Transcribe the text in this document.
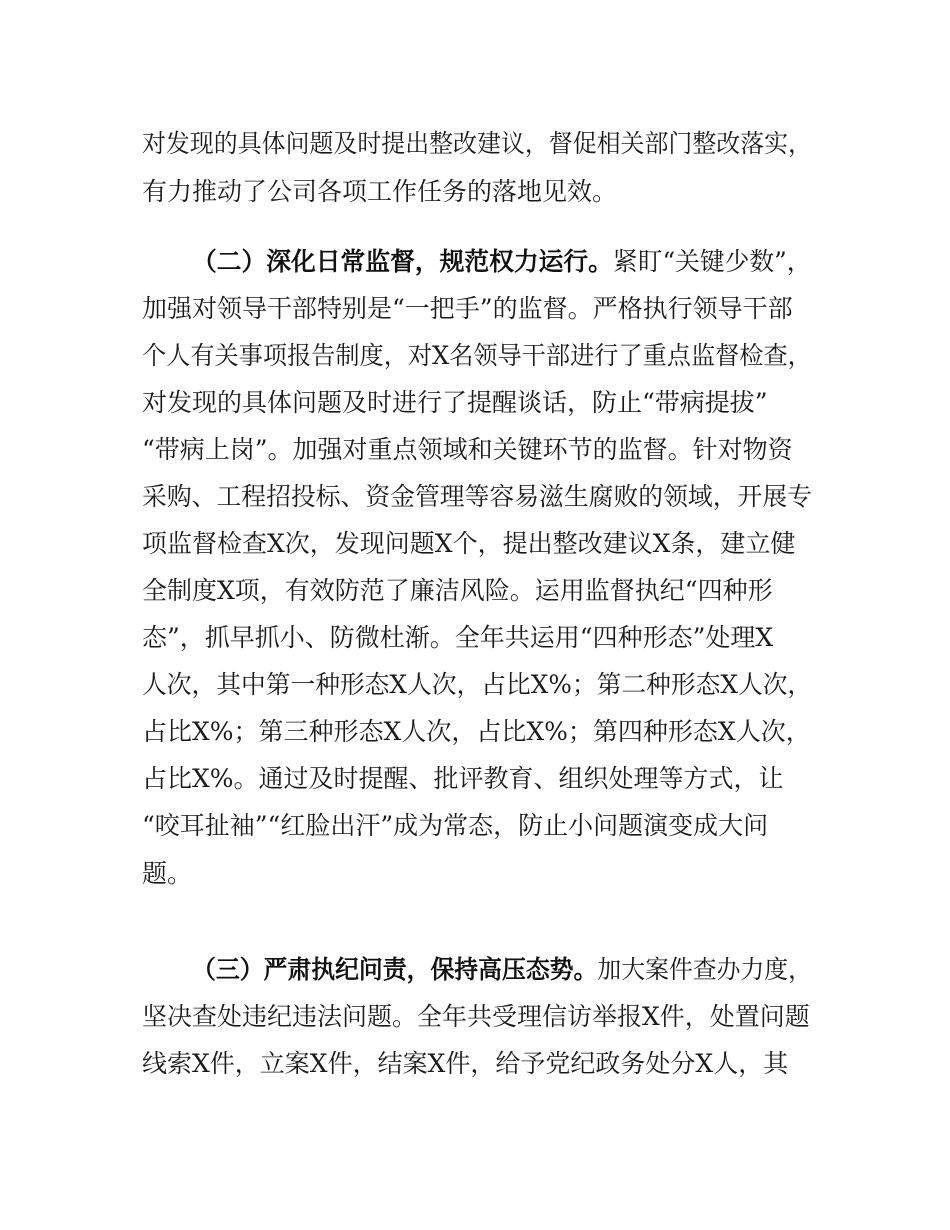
对发现的具体问题及时提出整改建议，督促相关部门整改落实，
有力推动了公司各项工作任务的落地见效。
（二）深化日常监督，规范权力运行。紧盯“关键少数”，
加强对领导干部特别是“一把手”的监督。严格执行领导干部
个人有关事项报告制度，对X名领导干部进行了重点监督检查，
对发现的具体问题及时进行了提醒谈话，防止“带病提拔”
“带病上岗”。加强对重点领域和关键环节的监督。针对物资
采购、工程招投标、资金管理等容易滋生腐败的领域，开展专
项监督检查X次，发现问题X个，提出整改建议X条，建立健
全制度X项，有效防范了廉洁风险。运用监督执纪“四种形
态”，抓早抓小、防微杜渐。全年共运用“四种形态”处理X
人次，其中第一种形态X人次，占比X%；第二种形态X人次，
占比X%；第三种形态X人次，占比X%；第四种形态X人次，
占比X%。通过及时提醒、批评教育、组织处理等方式，让
“咬耳扯袖”“红脸出汗”成为常态，防止小问题演变成大问
题。
（三）严肃执纪问责，保持高压态势。加大案件查办力度，
坚决查处违纪违法问题。全年共受理信访举报X件，处置问题
线索X件，立案X件，结案X件，给予党纪政务处分X人，其
